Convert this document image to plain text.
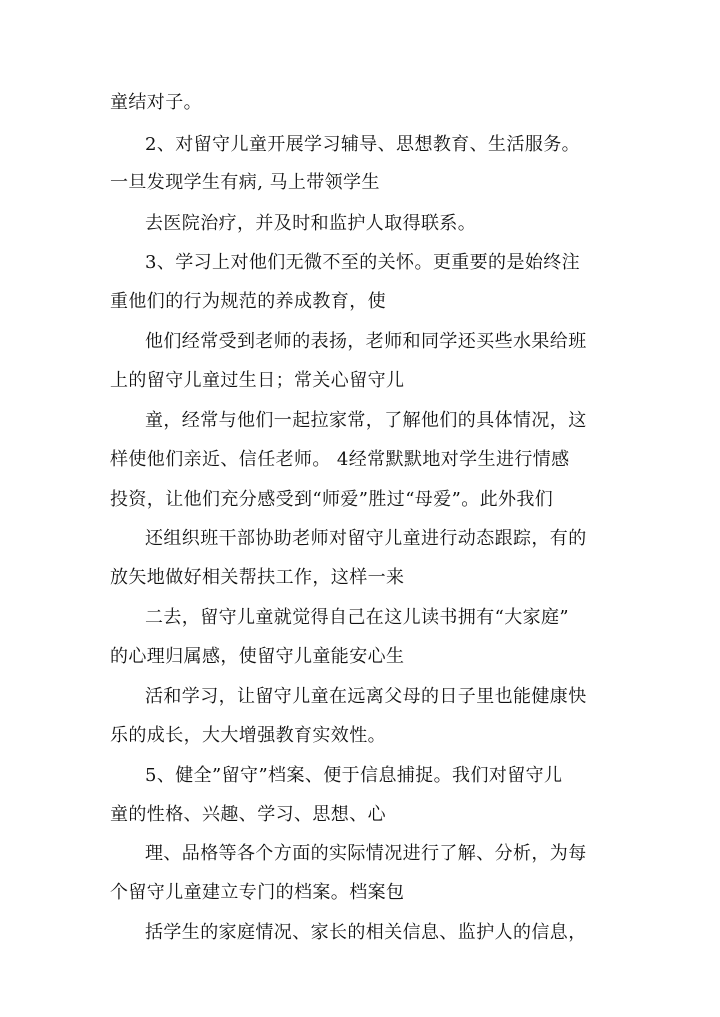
童结对子。
2、对留守儿童开展学习辅导、思想教育、生活服务。
一旦发现学生有病, 马上带领学生
去医院治疗，并及时和监护人取得联系。
3、学习上对他们无微不至的关怀。更重要的是始终注
重他们的行为规范的养成教育，使
他们经常受到老师的表扬，老师和同学还买些水果给班
上的留守儿童过生日；常关心留守儿
童，经常与他们一起拉家常，了解他们的具体情况，这
样使他们亲近、信任老师。 4经常默默地对学生进行情感
投资，让他们充分感受到“师爱”胜过“母爱”。此外我们
还组织班干部协助老师对留守儿童进行动态跟踪，有的
放矢地做好相关帮扶工作，这样一来
二去，留守儿童就觉得自己在这儿读书拥有“大家庭”
的心理归属感，使留守儿童能安心生
活和学习，让留守儿童在远离父母的日子里也能健康快
乐的成长，大大增强教育实效性。
5、健全”留守”档案、便于信息捕捉。我们对留守儿
童的性格、兴趣、学习、思想、心
理、品格等各个方面的实际情况进行了解、分析，为每
个留守儿童建立专门的档案。档案包
括学生的家庭情况、家长的相关信息、监护人的信息，
